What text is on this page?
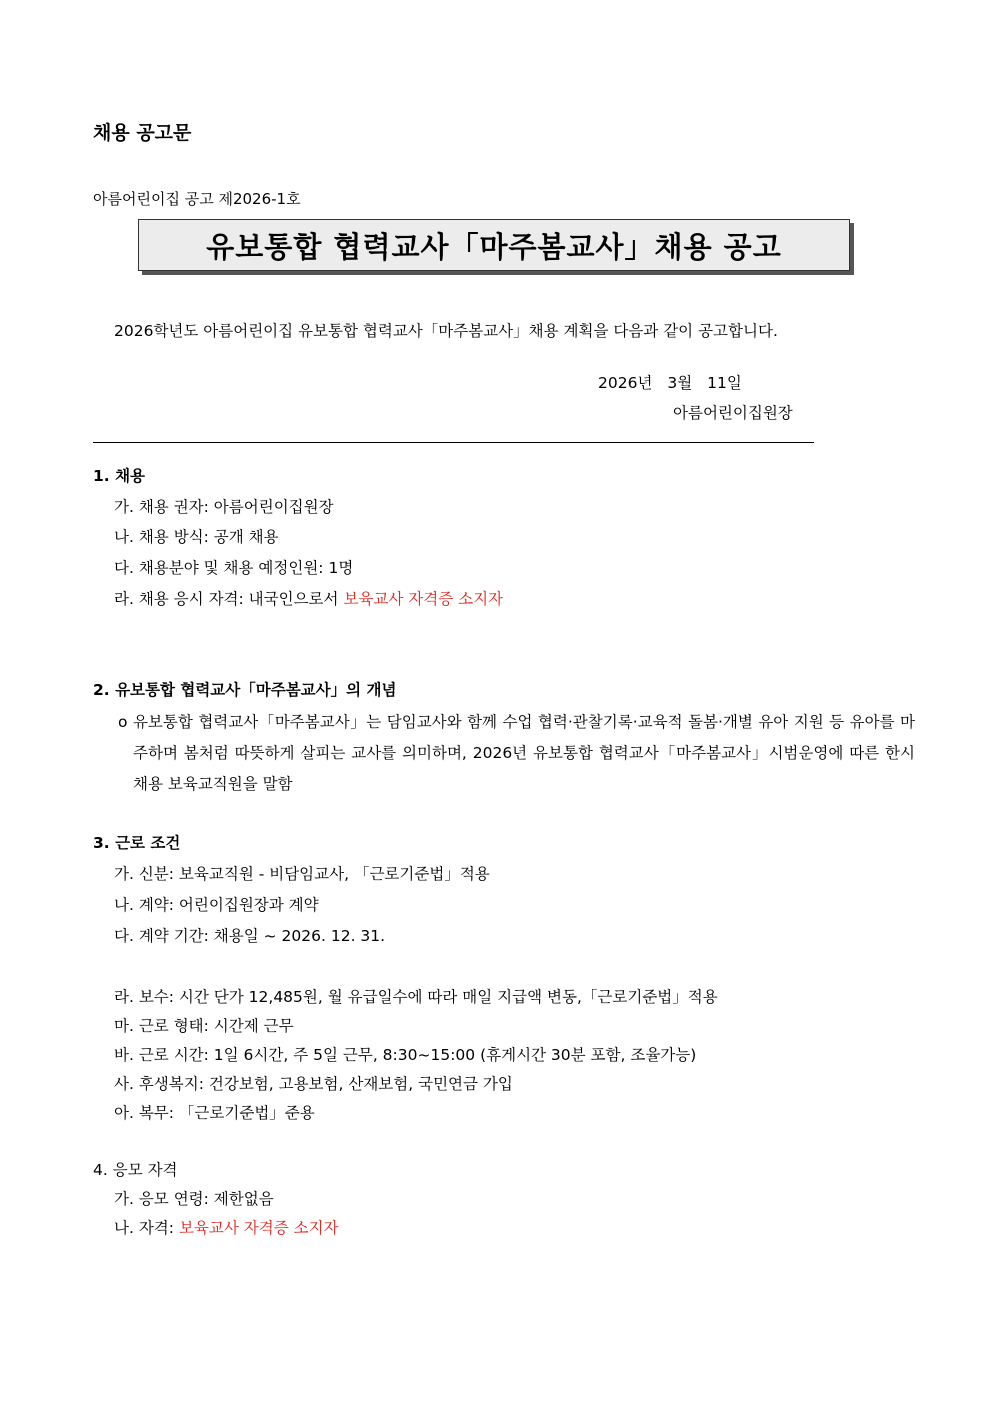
채용 공고문
아름어린이집 공고 제2026-1호
유보통합 협력교사「마주봄교사」채용 공고
2026학년도 아름어린이집 유보통합 협력교사「마주봄교사」채용 계획을 다음과 같이 공고합니다.
2026년 3월 11일
아름어린이집원장
1. 채용
가. 채용 권자: 아름어린이집원장
나. 채용 방식: 공개 채용
다. 채용분야 및 채용 예정인원: 1명
라. 채용 응시 자격: 내국인으로서 보육교사 자격증 소지자
2. 유보통합 협력교사「마주봄교사」의 개념
o 유보통합 협력교사「마주봄교사」는 담임교사와 함께 수업 협력·관찰기록·교육적 돌봄·개별 유아 지원 등 유아를 마주하며 봄처럼 따뜻하게 살피는 교사를 의미하며, 2026년 유보통합 협력교사「마주봄교사」시범운영에 따른 한시채용 보육교직원을 말함
3. 근로 조건
가. 신분: 보육교직원 - 비담임교사, 「근로기준법」적용
나. 계약: 어린이집원장과 계약
다. 계약 기간: 채용일 ~ 2026. 12. 31.
라. 보수: 시간 단가 12,485원, 월 유급일수에 따라 매일 지급액 변동,「근로기준법」적용
마. 근로 형태: 시간제 근무
바. 근로 시간: 1일 6시간, 주 5일 근무, 8:30~15:00 (휴게시간 30분 포함, 조율가능)
사. 후생복지: 건강보험, 고용보험, 산재보험, 국민연금 가입
아. 복무: 「근로기준법」준용
4. 응모 자격
가. 응모 연령: 제한없음
나. 자격: 보육교사 자격증 소지자
